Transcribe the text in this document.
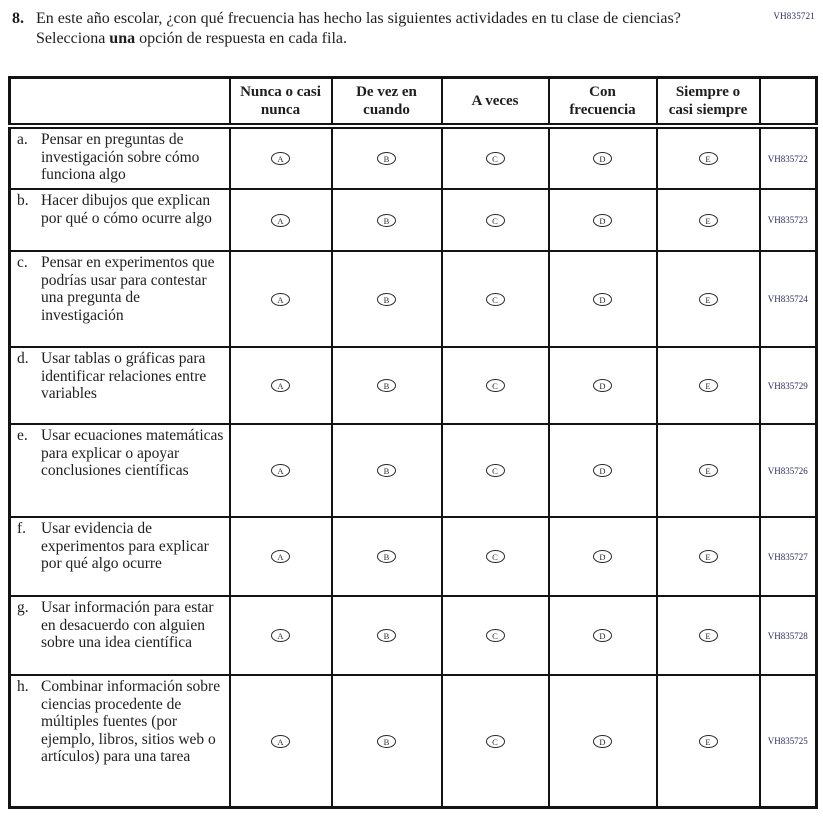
VH835721
8. En este año escolar, ¿con qué frecuencia has hecho las siguientes actividades en tu clase de ciencias? Selecciona una opción de respuesta en cada fila.
	Nunca o casi nunca	De vez en cuando	A veces	Con frecuencia	Siempre o casi siempre	

a. Pensar en preguntas de investigación sobre cómo funciona algo	A	B	C	D	E	VH835722

b. Hacer dibujos que explican por qué o cómo ocurre algo	A	B	C	D	E	VH835723

c. Pensar en experimentos que podrías usar para contestar una pregunta de investigación	A	B	C	D	E	VH835724

d. Usar tablas o gráficas para identificar relaciones entre variables	A	B	C	D	E	VH835729

e. Usar ecuaciones matemáticas para explicar o apoyar conclusiones científicas	A	B	C	D	E	VH835726

f. Usar evidencia de experimentos para explicar por qué algo ocurre	A	B	C	D	E	VH835727

g. Usar información para estar en desacuerdo con alguien sobre una idea científica	A	B	C	D	E	VH835728

h. Combinar información sobre ciencias procedente de múltiples fuentes (por ejemplo, libros, sitios web o artículos) para una tarea	A	B	C	D	E	VH835725
